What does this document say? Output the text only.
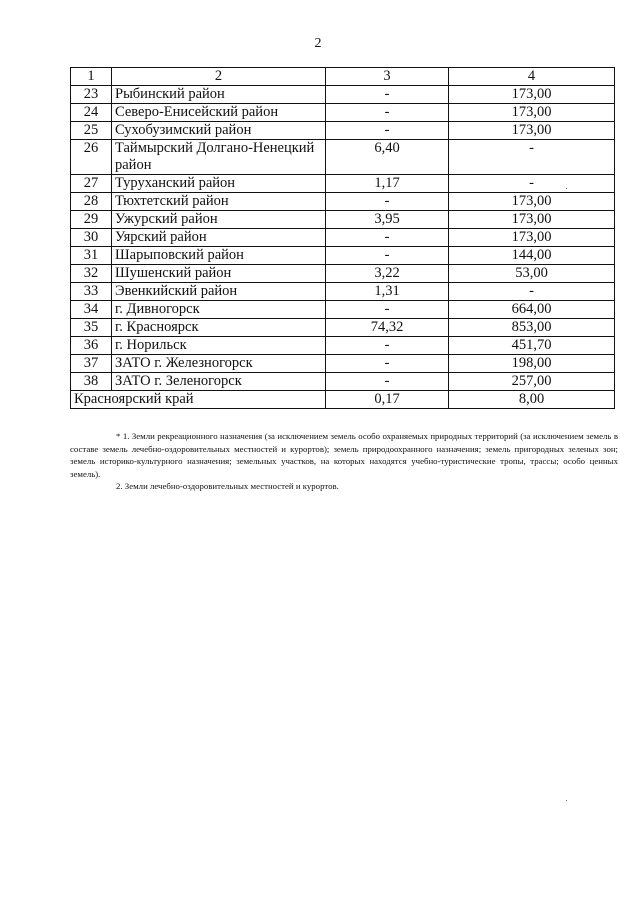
2
1	2	3	4
23	Рыбинский район	-	173,00
24	Северо-Енисейский район	-	173,00
25	Сухобузимский район	-	173,00
26	Таймырский Долгано-Ненецкий район	6,40	-
27	Туруханский район	1,17	-
28	Тюхтетский район	-	173,00
29	Ужурский район	3,95	173,00
30	Уярский район	-	173,00
31	Шарыповский район	-	144,00
32	Шушенский район	3,22	53,00
33	Эвенкийский район	1,31	-
34	г. Дивногорск	-	664,00
35	г. Красноярск	74,32	853,00
36	г. Норильск	-	451,70
37	ЗАТО г. Железногорск	-	198,00
38	ЗАТО г. Зеленогорск	-	257,00
Красноярский край		0,17	8,00

* 1. Земли рекреационного назначения (за исключением земель особо охраняемых природных территорий (за исключением земель в составе земель лечебно-оздоровительных местностей и курортов); земель природоохранного назначения; земель пригородных зеленых зон; земель историко-культурного назначения; земельных участков, на которых находятся учебно-туристические тропы, трассы; особо ценных земель).

2. Земли лечебно-оздоровительных местностей и курортов.
